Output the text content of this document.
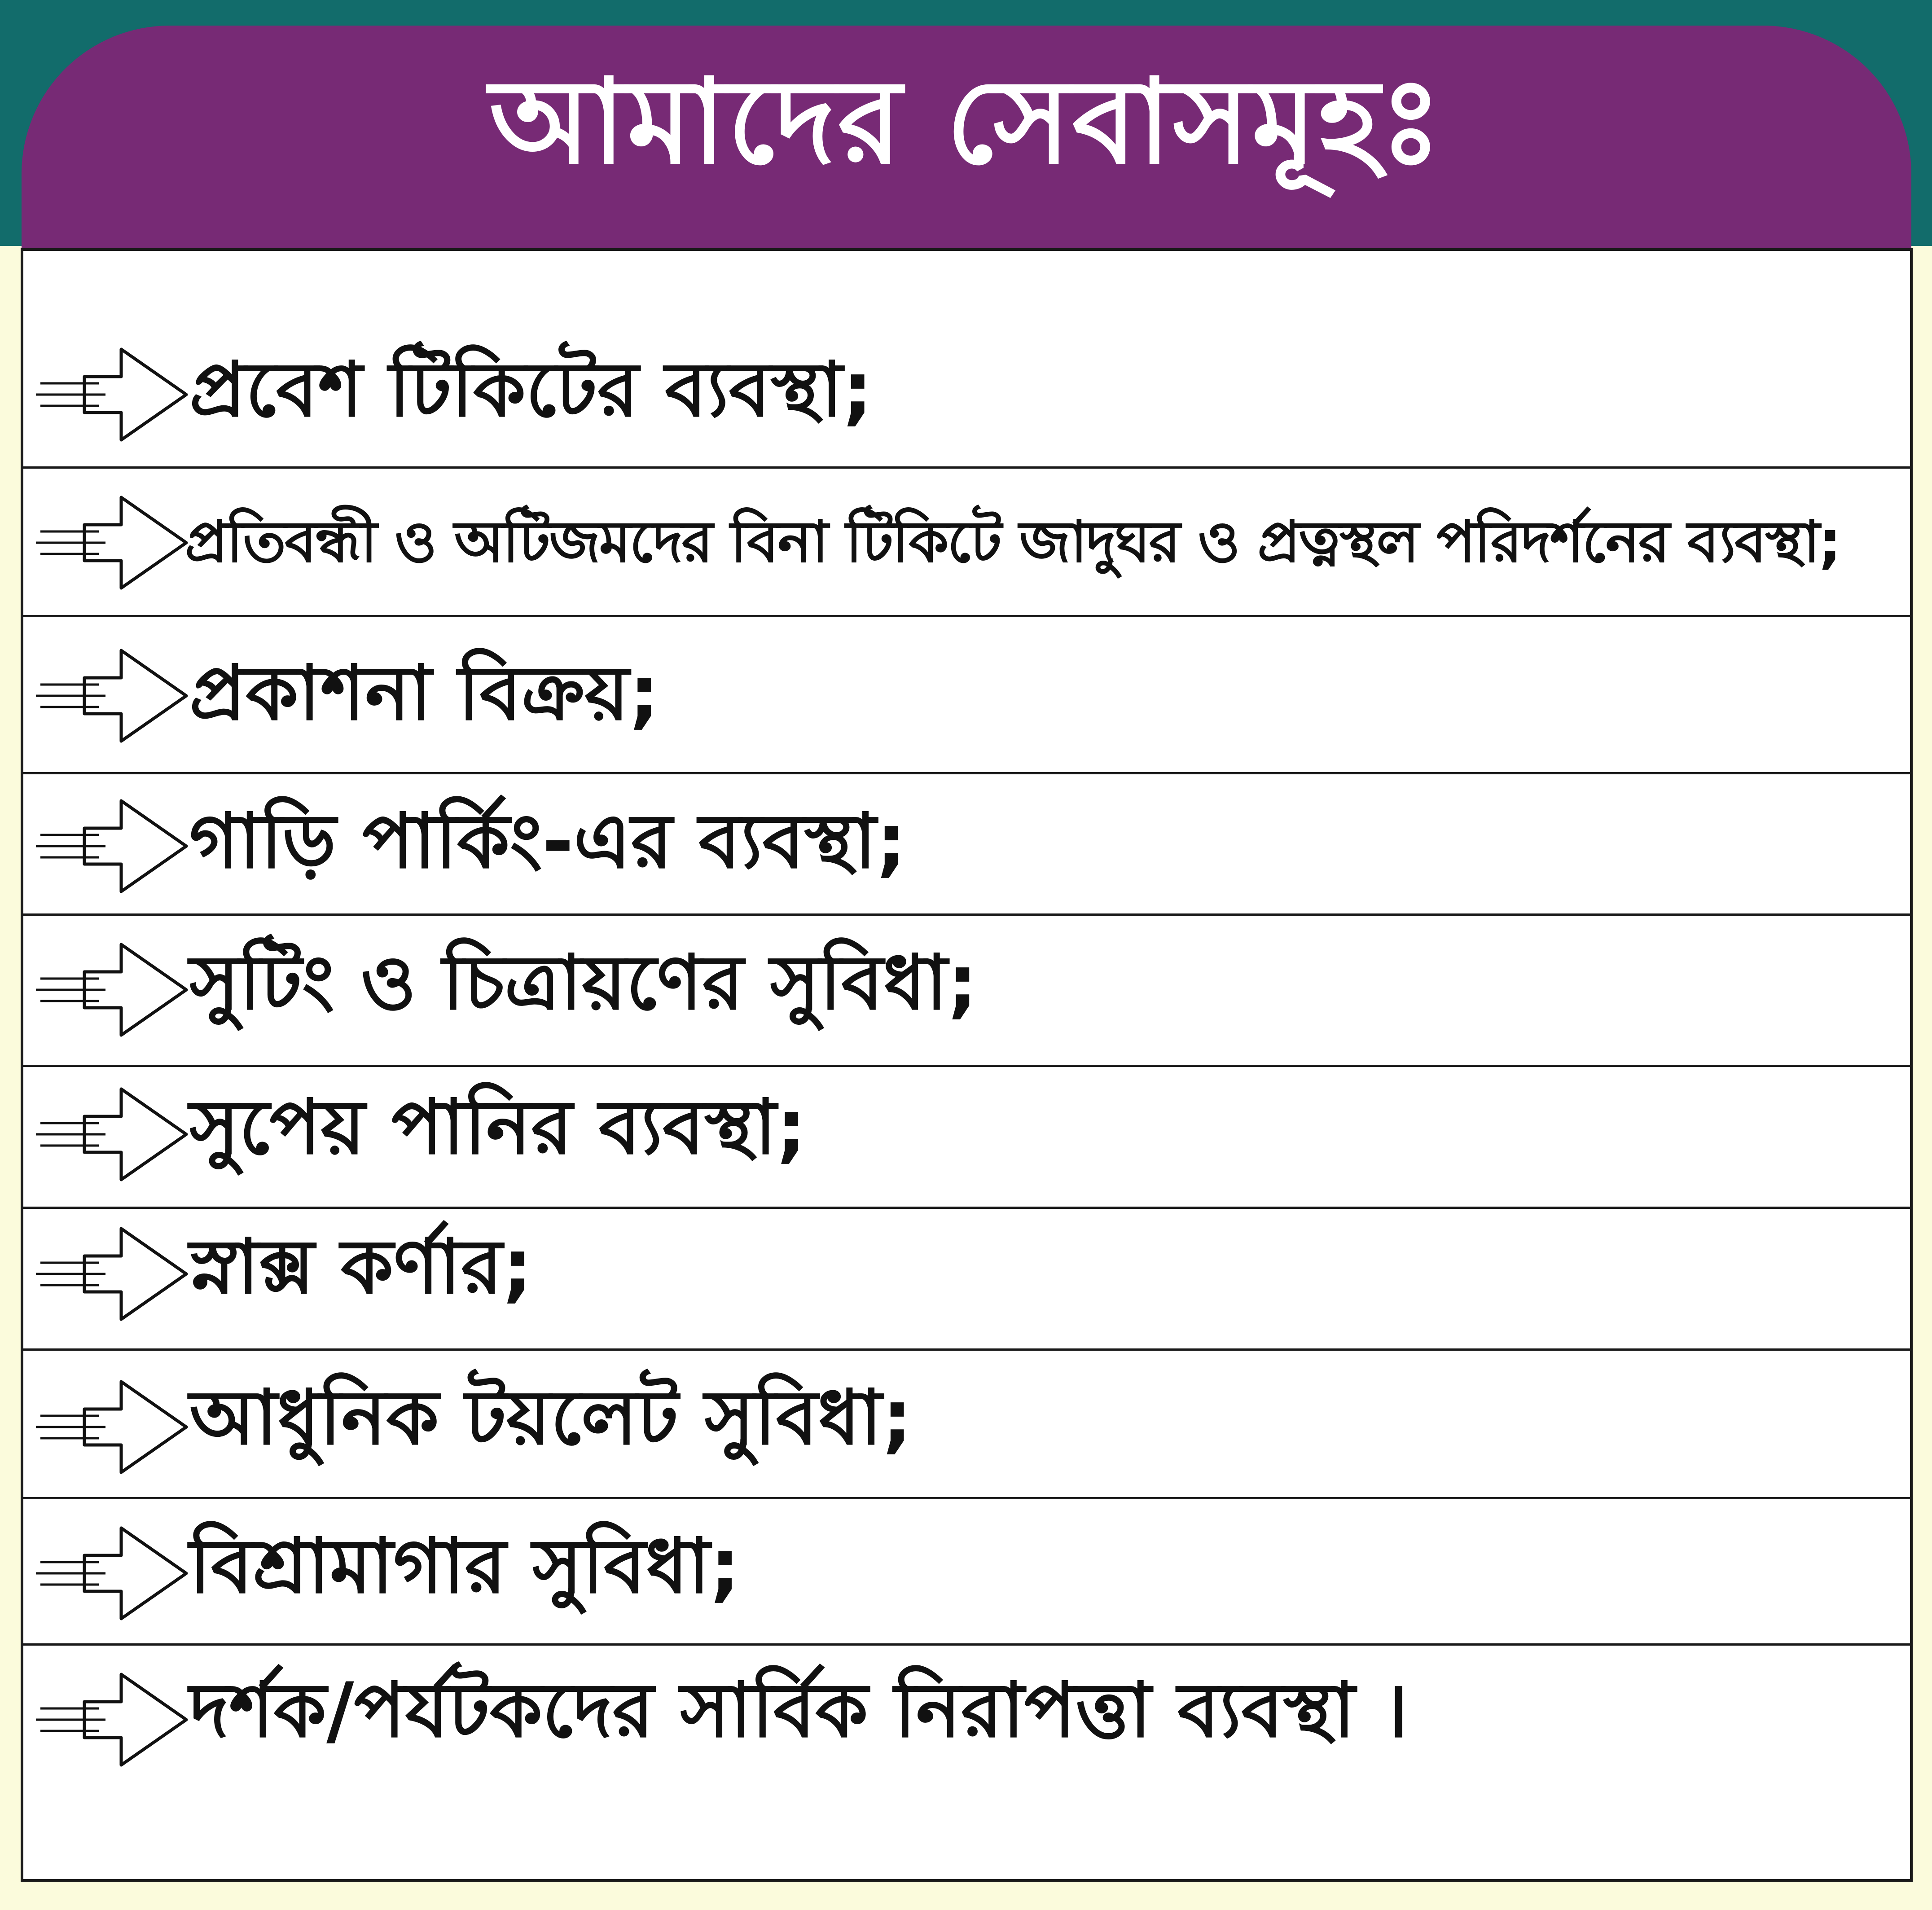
আমাদের সেবাসমূহঃ
প্রবেশ টিকিটের ব্যবস্থা;
প্রতিবন্ধী ও অটিজমদের বিনা টিকিটে জাদুঘর ও প্রত্নস্থল পরিদর্শনের ব্যবস্থা;
প্রকাশনা বিক্রয়;
গাড়ি পার্কিং-এর ব্যবস্থা;
সুটিং ও চিত্রায়ণের সুবিধা;
সুপেয় পানির ব্যবস্থা;
স্নাক্স কর্ণার;
আধুনিক টয়লেট সুবিধা;
বিশ্রামাগার সুবিধা;
দর্শক/পর্যটকদের সার্বিক নিরাপত্তা ব্যবস্থা ।
